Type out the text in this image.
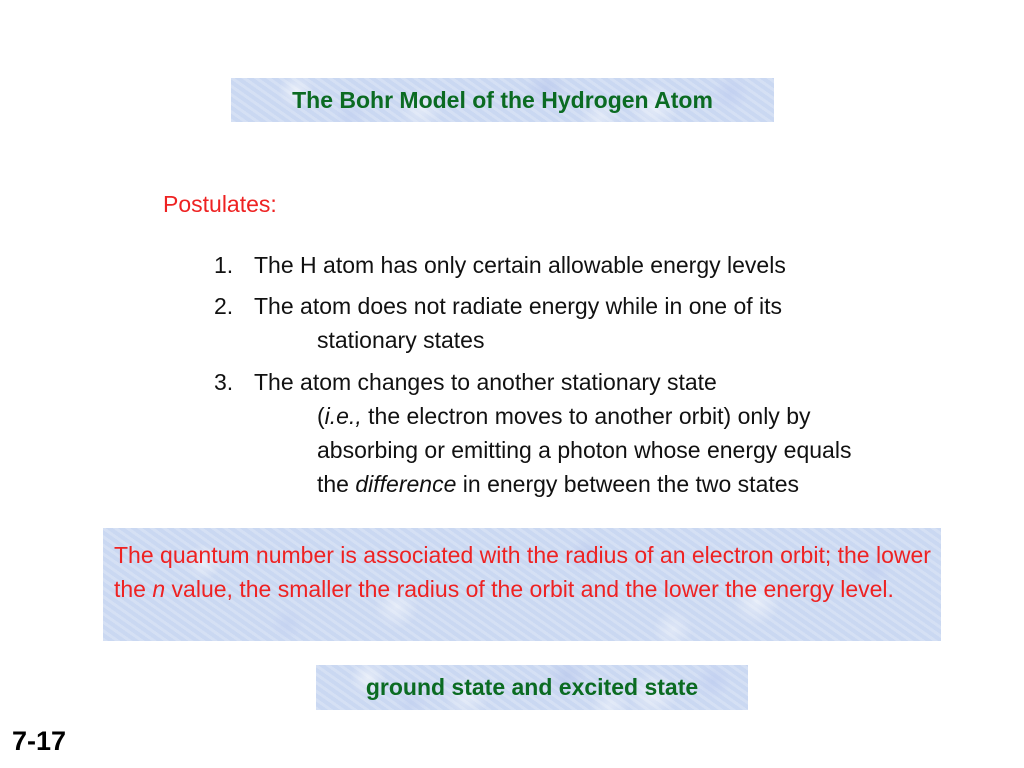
The Bohr Model of the Hydrogen Atom
Postulates:
1. The H atom has only certain allowable energy levels
2. The atom does not radiate energy while in one of its
stationary states
3. The atom changes to another stationary state
(i.e., the electron moves to another orbit) only by
absorbing or emitting a photon whose energy equals
the difference in energy between the two states
The quantum number is associated with the radius of an electron orbit; the lower the n value, the smaller the radius of the orbit and the lower the energy level.
ground state and excited state
7-17
